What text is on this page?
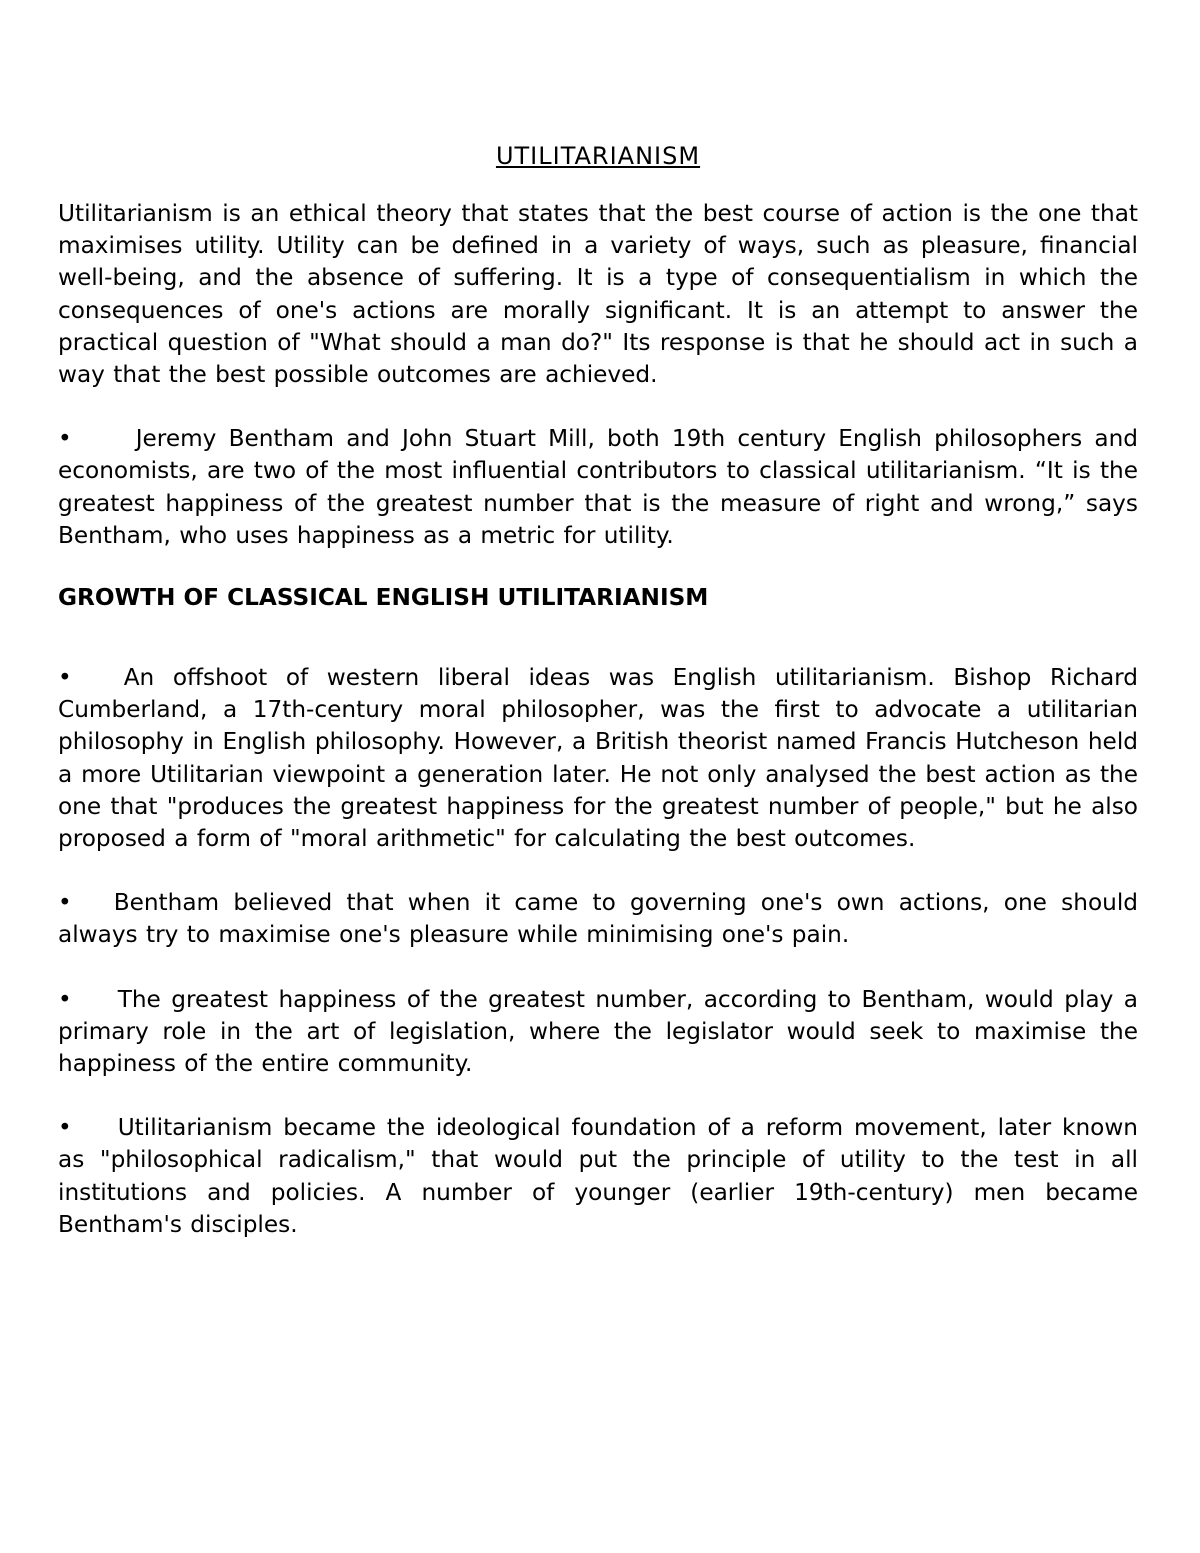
UTILITARIANISM

Utilitarianism is an ethical theory that states that the best course of action is the one that maximises utility. Utility can be defined in a variety of ways, such as pleasure, financial well-being, and the absence of suffering. It is a type of consequentialism in which the consequences of one's actions are morally significant. It is an attempt to answer the practical question of "What should a man do?" Its response is that he should act in such a way that the best possible outcomes are achieved.

•	Jeremy Bentham and John Stuart Mill, both 19th century English philosophers and economists, are two of the most influential contributors to classical utilitarianism. “It is the greatest happiness of the greatest number that is the measure of right and wrong,” says Bentham, who uses happiness as a metric for utility.

GROWTH OF CLASSICAL ENGLISH UTILITARIANISM

• An offshoot of western liberal ideas was English utilitarianism. Bishop Richard Cumberland, a 17th-century moral philosopher, was the first to advocate a utilitarian philosophy in English philosophy. However, a British theorist named Francis Hutcheson held a more Utilitarian viewpoint a generation later. He not only analysed the best action as the one that "produces the greatest happiness for the greatest number of people," but he also proposed a form of "moral arithmetic" for calculating the best outcomes.

• Bentham believed that when it came to governing one's own actions, one should always try to maximise one's pleasure while minimising one's pain.

• The greatest happiness of the greatest number, according to Bentham, would play a primary role in the art of legislation, where the legislator would seek to maximise the happiness of the entire community.

• Utilitarianism became the ideological foundation of a reform movement, later known as "philosophical radicalism," that would put the principle of utility to the test in all institutions and policies. A number of younger (earlier 19th-century) men became Bentham's disciples.
